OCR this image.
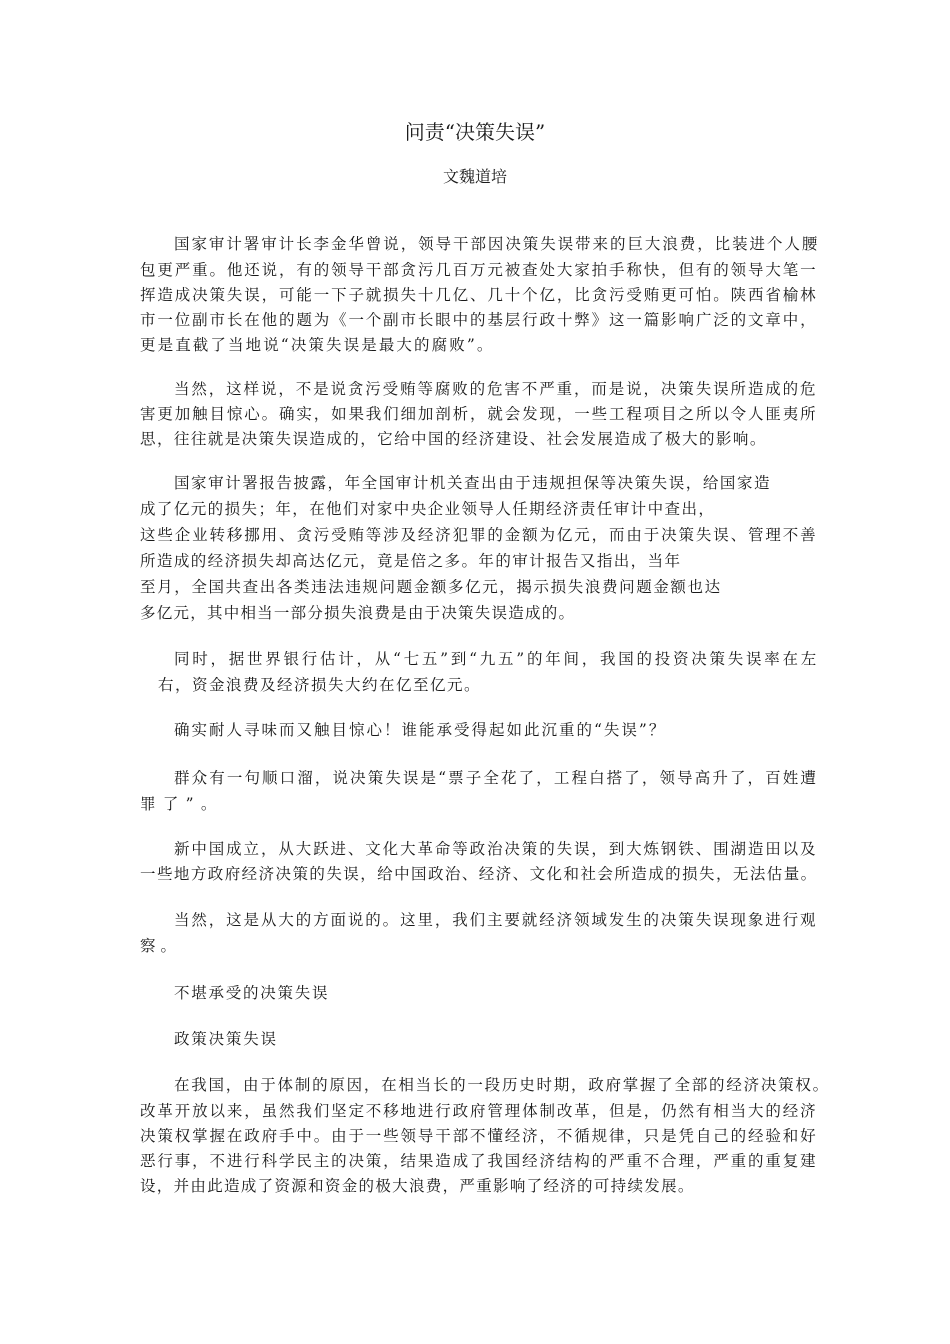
问责“决策失误”
文魏道培
国家审计署审计长李金华曾说，领导干部因决策失误带来的巨大浪费，比装进个人腰
包更严重。他还说，有的领导干部贪污几百万元被查处大家拍手称快，但有的领导大笔一
挥造成决策失误，可能一下子就损失十几亿、几十个亿，比贪污受贿更可怕。陕西省榆林
市一位副市长在他的题为《一个副市长眼中的基层行政十弊》这一篇影响广泛的文章中，
更是直截了当地说“决策失误是最大的腐败”。
当然，这样说，不是说贪污受贿等腐败的危害不严重，而是说，决策失误所造成的危
害更加触目惊心。确实，如果我们细加剖析，就会发现，一些工程项目之所以令人匪夷所
思，往往就是决策失误造成的，它给中国的经济建设、社会发展造成了极大的影响。
国家审计署报告披露，年全国审计机关查出由于违规担保等决策失误，给国家造
成了亿元的损失；年，在他们对家中央企业领导人任期经济责任审计中查出，
这些企业转移挪用、贪污受贿等涉及经济犯罪的金额为亿元，而由于决策失误、管理不善
所造成的经济损失却高达亿元，竟是倍之多。年的审计报告又指出，当年
至月，全国共查出各类违法违规问题金额多亿元，揭示损失浪费问题金额也达
多亿元，其中相当一部分损失浪费是由于决策失误造成的。
同时，据世界银行估计，从“七五”到“九五”的年间，我国的投资决策失误率在左
右，资金浪费及经济损失大约在亿至亿元。
确实耐人寻味而又触目惊心！谁能承受得起如此沉重的“失误”？
群众有一句顺口溜，说决策失误是“票子全花了，工程白搭了，领导高升了，百姓遭
罪了”。
新中国成立，从大跃进、文化大革命等政治决策的失误，到大炼钢铁、围湖造田以及
一些地方政府经济决策的失误，给中国政治、经济、文化和社会所造成的损失，无法估量。
当然，这是从大的方面说的。这里，我们主要就经济领域发生的决策失误现象进行观
察。
不堪承受的决策失误
政策决策失误
在我国，由于体制的原因，在相当长的一段历史时期，政府掌握了全部的经济决策权。
改革开放以来，虽然我们坚定不移地进行政府管理体制改革，但是，仍然有相当大的经济
决策权掌握在政府手中。由于一些领导干部不懂经济，不循规律，只是凭自己的经验和好
恶行事，不进行科学民主的决策，结果造成了我国经济结构的严重不合理，严重的重复建
设，并由此造成了资源和资金的极大浪费，严重影响了经济的可持续发展。
